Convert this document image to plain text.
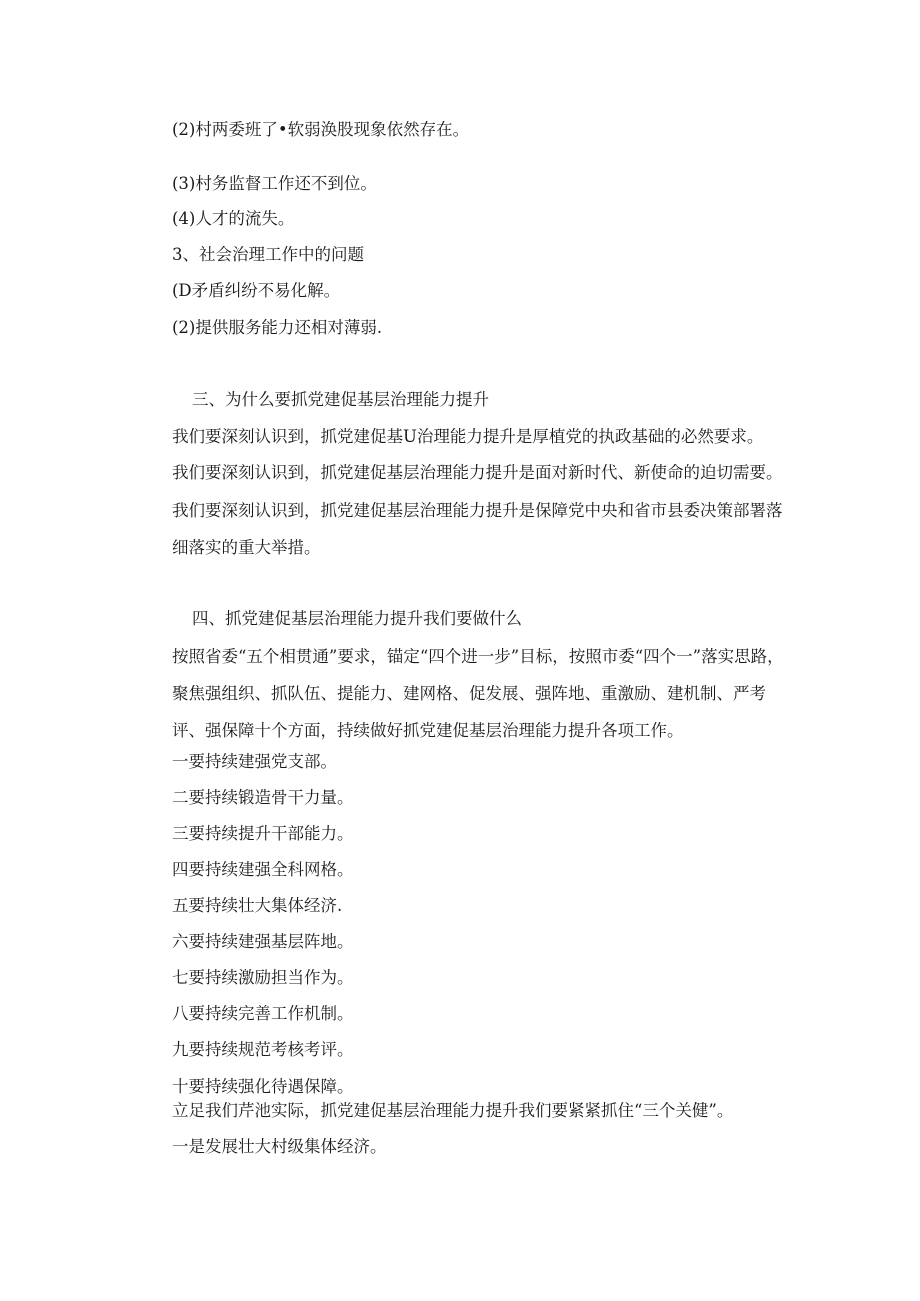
(2)村两委班了•软弱涣股现象依然存在。
(3)村务监督工作还不到位。
(4)人才的流失。
3、社会治理工作中的问题
(D矛盾纠纷不易化解。
(2)提供服务能力还相对薄弱.
三、为什么要抓党建促基层治理能力提升
我们要深刻认识到，抓党建促基U治理能力提升是厚植党的执政基础的必然要求。
我们要深刻认识到，抓党建促基层治理能力提升是面对新时代、新使命的迫切需要。
我们要深刻认识到，抓党建促基层治理能力提升是保障党中央和省市县委决策部署落细落实的重大举措。
四、抓党建促基层治理能力提升我们要做什么
按照省委“五个相贯通”要求，锚定“四个进一步”目标，按照市委“四个一”落实思路，聚焦强组织、抓队伍、提能力、建网格、促发展、强阵地、重激励、建机制、严考评、强保障十个方面，持续做好抓党建促基层治理能力提升各项工作。
一要持续建强党支部。
二要持续锻造骨干力量。
三要持续提升干部能力。
四要持续建强全科网格。
五要持续壮大集体经济.
六要持续建强基层阵地。
七要持续激励担当作为。
八要持续完善工作机制。
九要持续规范考核考评。
十要持续强化待遇保障。
立足我们芹池实际，抓党建促基层治理能力提升我们要紧紧抓住“三个关健”。
一是发展壮大村级集体经济。
